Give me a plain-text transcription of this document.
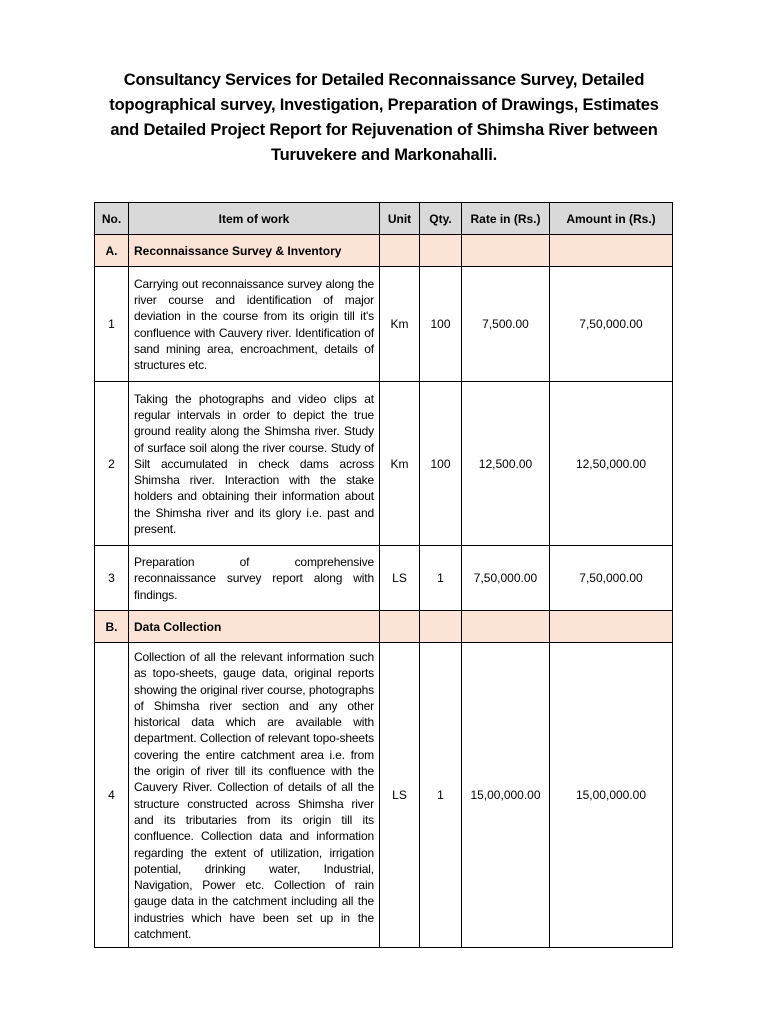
Consultancy Services for Detailed Reconnaissance Survey, Detailed topographical survey, Investigation, Preparation of Drawings, Estimates and Detailed Project Report for Rejuvenation of Shimsha River between Turuvekere and Markonahalli.
No.	Item of work	Unit	Qty.	Rate in (Rs.)	Amount in (Rs.)
A.	Reconnaissance Survey & Inventory				
1	Carrying out reconnaissance survey along the river course and identification of major deviation in the course from its origin till it's confluence with Cauvery river. Identification of sand mining area, encroachment, details of structures etc.	Km	100	7,500.00	7,50,000.00
2	Taking the photographs and video clips at regular intervals in order to depict the true ground reality along the Shimsha river. Study of surface soil along the river course. Study of Silt accumulated in check dams across Shimsha river. Interaction with the stake holders and obtaining their information about the Shimsha river and its glory i.e. past and present.	Km	100	12,500.00	12,50,000.00
3	Preparation of comprehensive reconnaissance survey report along with findings.	LS	1	7,50,000.00	7,50,000.00
B.	Data Collection				
4	Collection of all the relevant information such as topo-sheets, gauge data, original reports showing the original river course, photographs of Shimsha river section and any other historical data which are available with department. Collection of relevant topo-sheets covering the entire catchment area i.e. from the origin of river till its confluence with the Cauvery River. Collection of details of all the structure constructed across Shimsha river and its tributaries from its origin till its confluence. Collection data and information regarding the extent of utilization, irrigation potential, drinking water, Industrial, Navigation, Power etc. Collection of rain gauge data in the catchment including all the industries which have been set up in the catchment.	LS	1	15,00,000.00	15,00,000.00
